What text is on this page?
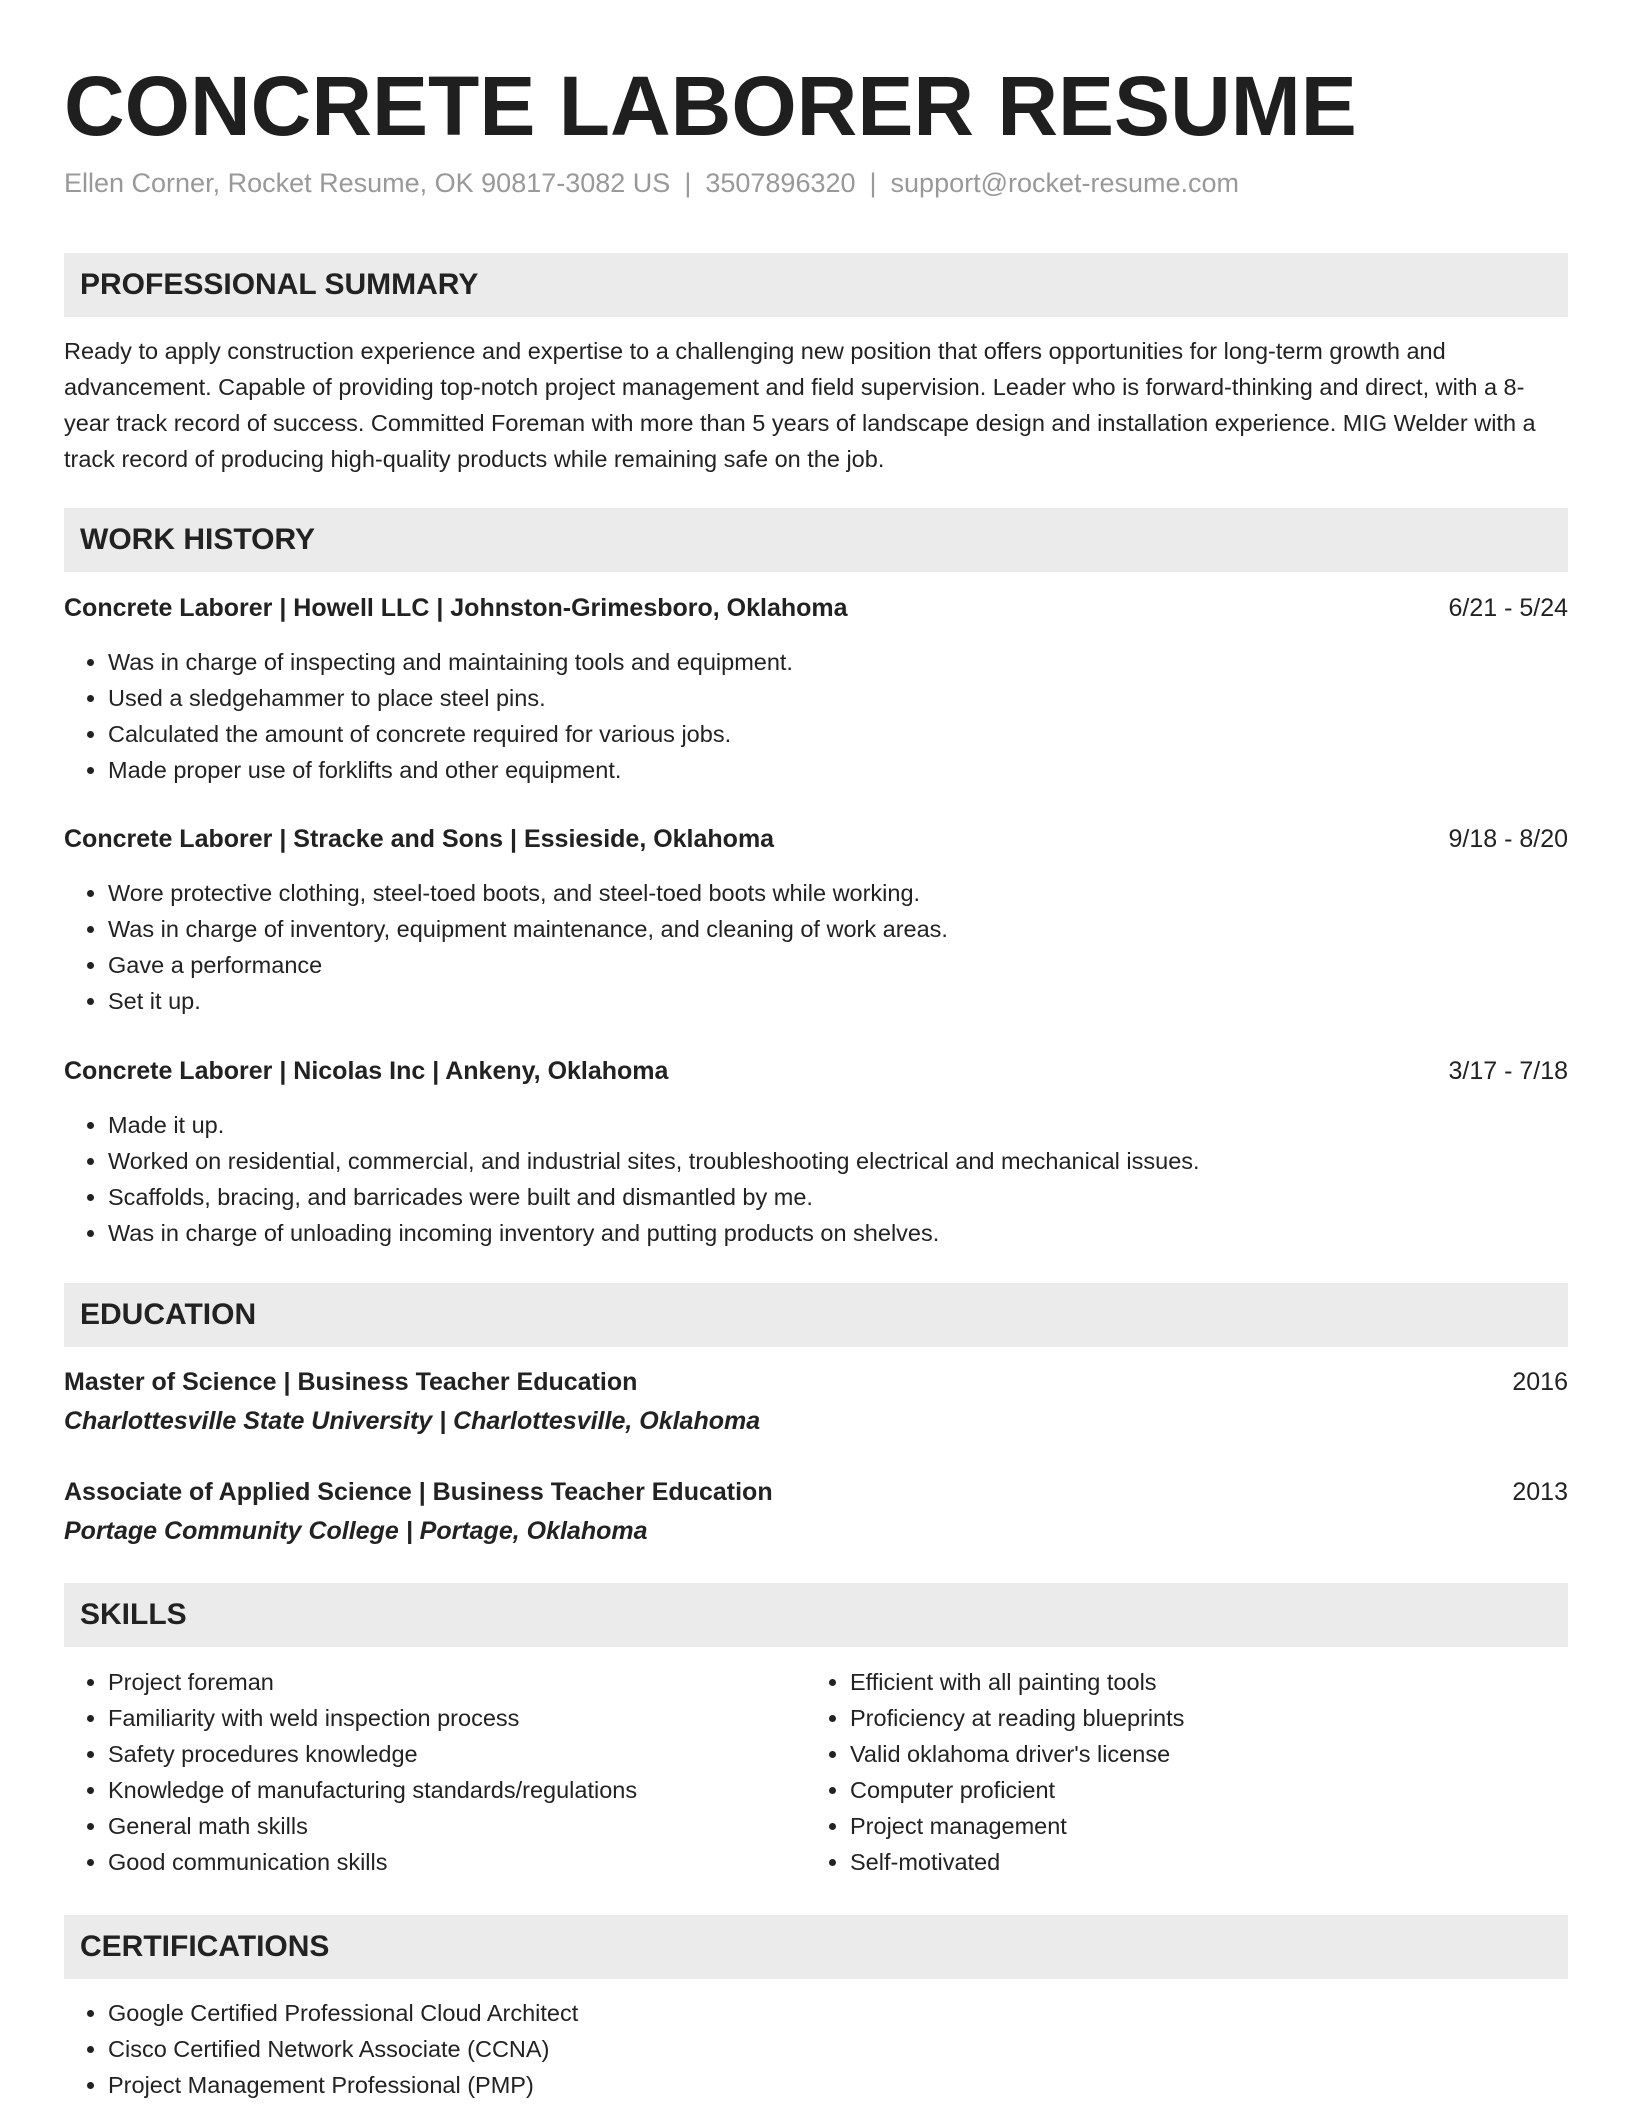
CONCRETE LABORER RESUME
Ellen Corner, Rocket Resume, OK 90817-3082 US | 3507896320 | support@rocket-resume.com
PROFESSIONAL SUMMARY
Ready to apply construction experience and expertise to a challenging new position that offers opportunities for long-term growth and advancement. Capable of providing top-notch project management and field supervision. Leader who is forward-thinking and direct, with a 8-year track record of success. Committed Foreman with more than 5 years of landscape design and installation experience. MIG Welder with a track record of producing high-quality products while remaining safe on the job.
WORK HISTORY
Concrete Laborer | Howell LLC | Johnston-Grimesboro, Oklahoma	6/21 - 5/24
• Was in charge of inspecting and maintaining tools and equipment.
• Used a sledgehammer to place steel pins.
• Calculated the amount of concrete required for various jobs.
• Made proper use of forklifts and other equipment.
Concrete Laborer | Stracke and Sons | Essieside, Oklahoma	9/18 - 8/20
• Wore protective clothing, steel-toed boots, and steel-toed boots while working.
• Was in charge of inventory, equipment maintenance, and cleaning of work areas.
• Gave a performance
• Set it up.
Concrete Laborer | Nicolas Inc | Ankeny, Oklahoma	3/17 - 7/18
• Made it up.
• Worked on residential, commercial, and industrial sites, troubleshooting electrical and mechanical issues.
• Scaffolds, bracing, and barricades were built and dismantled by me.
• Was in charge of unloading incoming inventory and putting products on shelves.
EDUCATION
Master of Science | Business Teacher Education	2016
Charlottesville State University | Charlottesville, Oklahoma
Associate of Applied Science | Business Teacher Education	2013
Portage Community College | Portage, Oklahoma
SKILLS
• Project foreman
• Familiarity with weld inspection process
• Safety procedures knowledge
• Knowledge of manufacturing standards/regulations
• General math skills
• Good communication skills
• Efficient with all painting tools
• Proficiency at reading blueprints
• Valid oklahoma driver's license
• Computer proficient
• Project management
• Self-motivated
CERTIFICATIONS
• Google Certified Professional Cloud Architect
• Cisco Certified Network Associate (CCNA)
• Project Management Professional (PMP)
